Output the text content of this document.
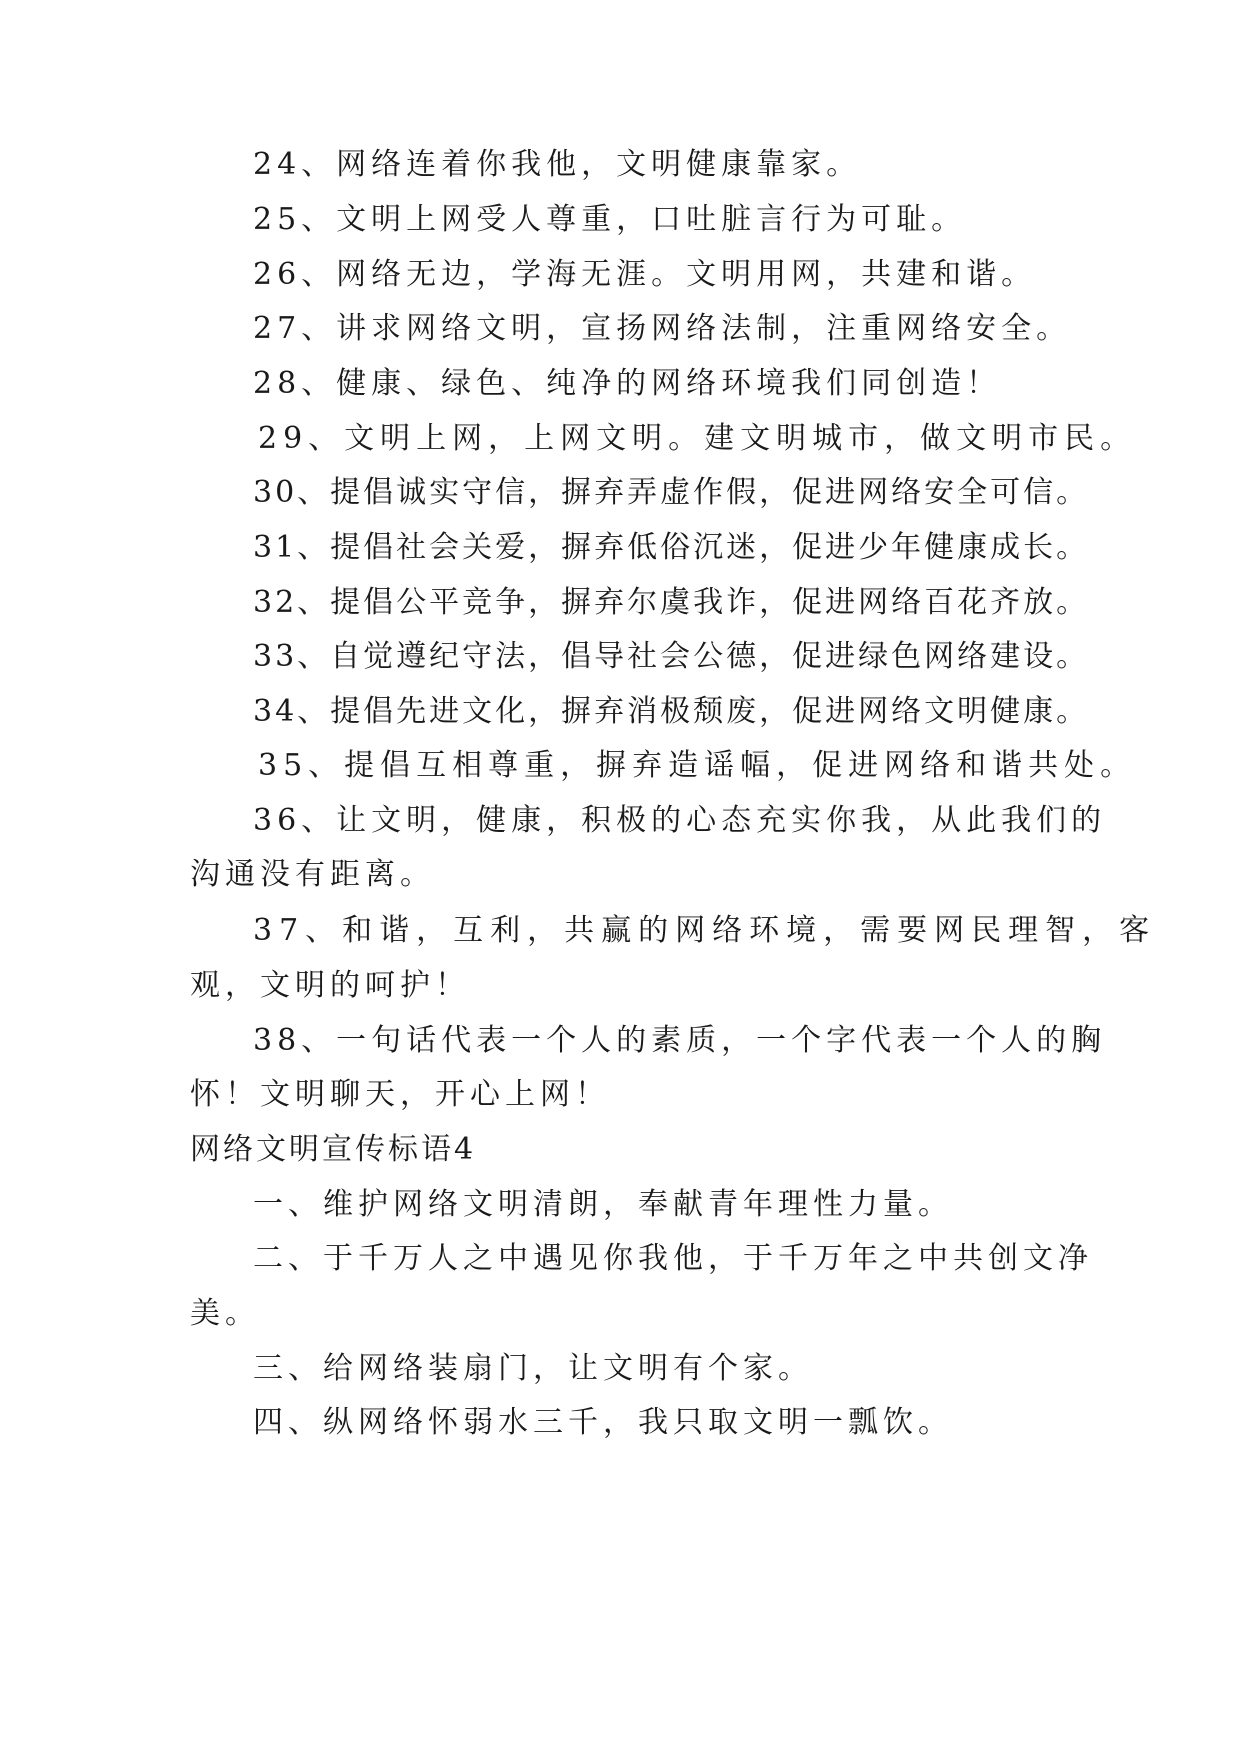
24、网络连着你我他，文明健康靠家。
25、文明上网受人尊重，口吐脏言行为可耻。
26、网络无边，学海无涯。文明用网，共建和谐。
27、讲求网络文明，宣扬网络法制，注重网络安全。
28、健康、绿色、纯净的网络环境我们同创造！
29、文明上网，上网文明。建文明城市，做文明市民。
30、提倡诚实守信，摒弃弄虚作假，促进网络安全可信。
31、提倡社会关爱，摒弃低俗沉迷，促进少年健康成长。
32、提倡公平竞争，摒弃尔虞我诈，促进网络百花齐放。
33、自觉遵纪守法，倡导社会公德，促进绿色网络建设。
34、提倡先进文化，摒弃消极颓废，促进网络文明健康。
35、提倡互相尊重，摒弃造谣幅，促进网络和谐共处。
36、让文明，健康，积极的心态充实你我，从此我们的
沟通没有距离。
37、和谐，互利，共赢的网络环境，需要网民理智，客
观，文明的呵护！
38、一句话代表一个人的素质，一个字代表一个人的胸
怀！文明聊天，开心上网！
网络文明宣传标语4
一、维护网络文明清朗，奉献青年理性力量。
二、于千万人之中遇见你我他，于千万年之中共创文净
美。
三、给网络装扇门，让文明有个家。
四、纵网络怀弱水三千，我只取文明一瓢饮。
